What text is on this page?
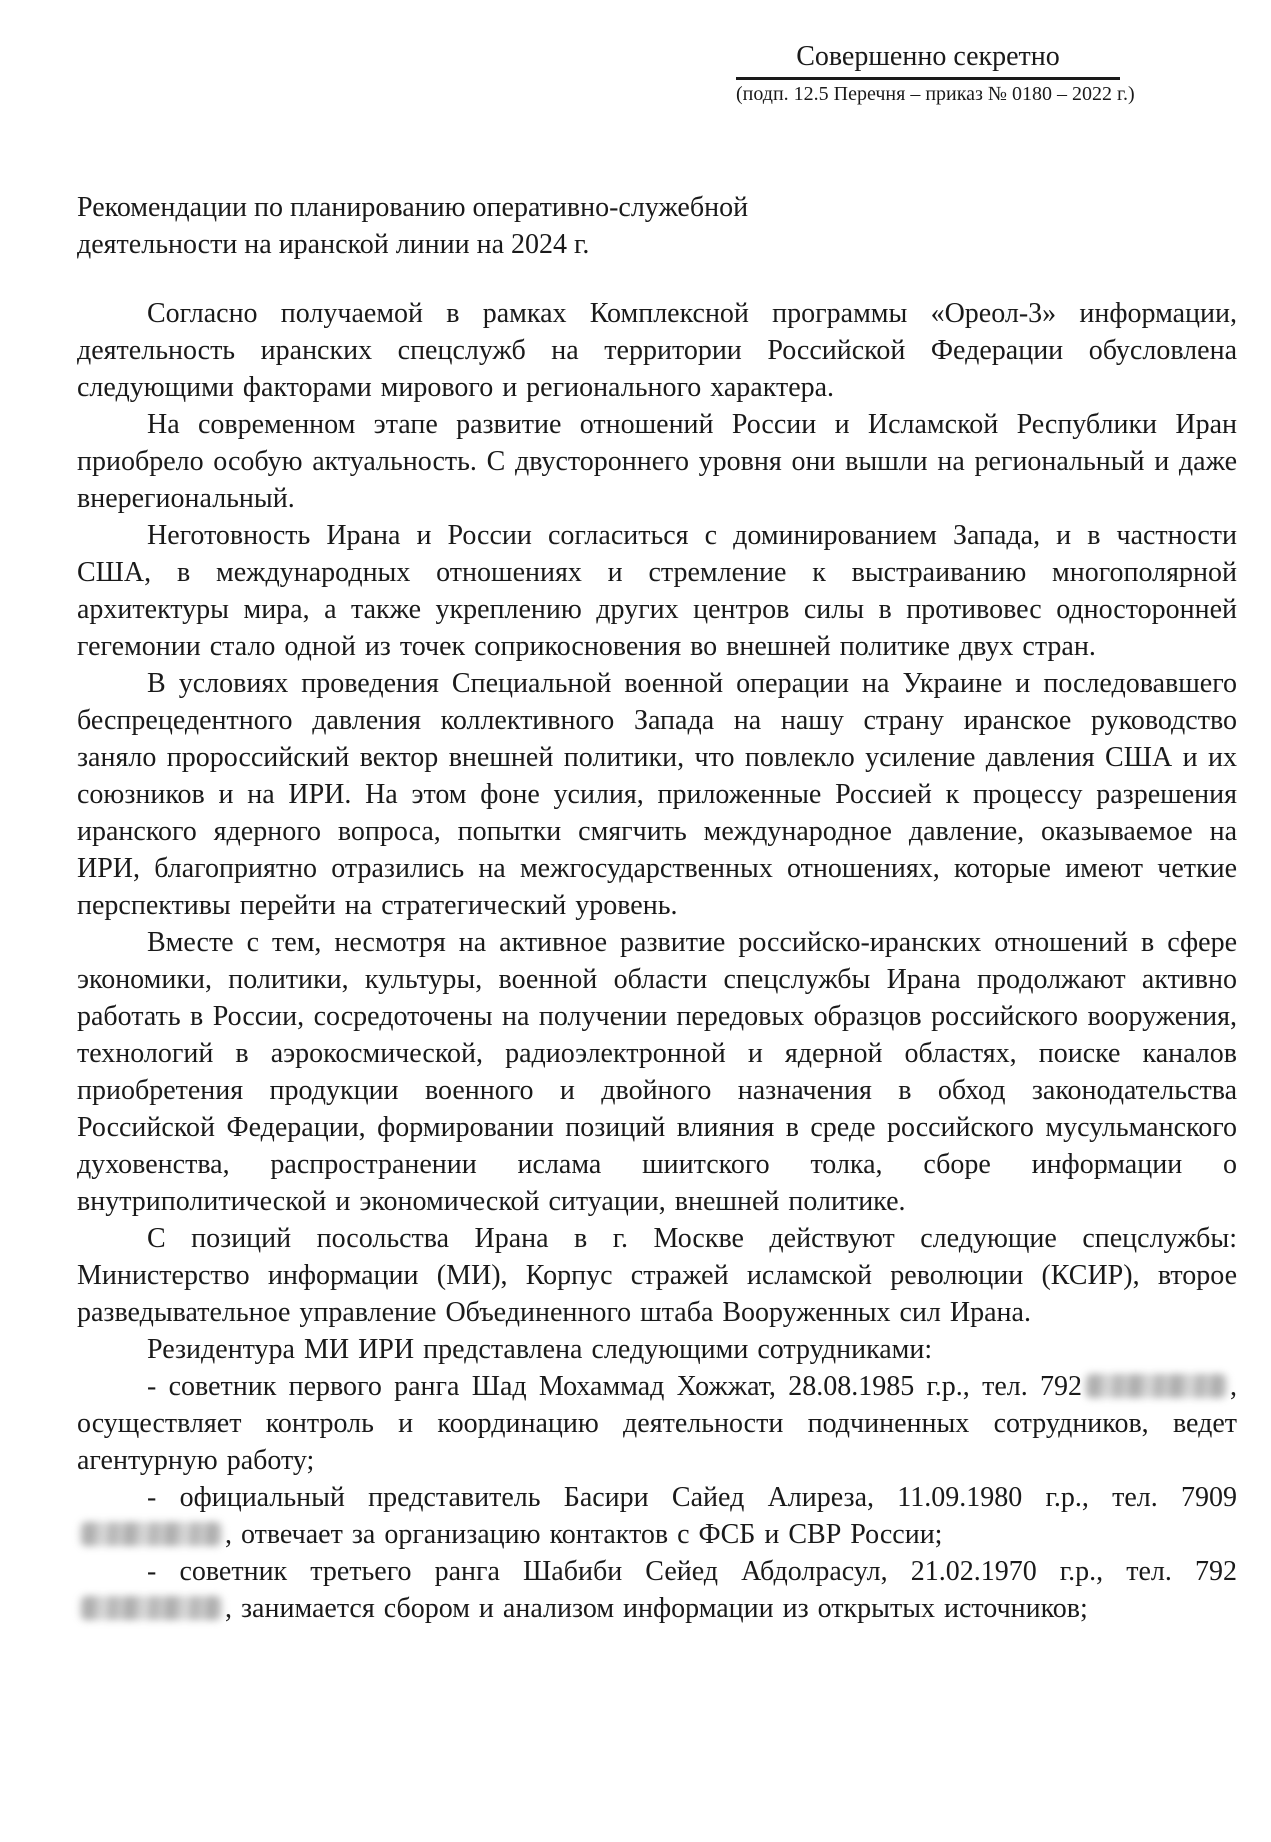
Совершенно секретно
(подп. 12.5 Перечня – приказ № 0180 – 2022 г.)
Рекомендации по планированию оперативно-служебной
деятельности на иранской линии на 2024 г.

Согласно получаемой в рамках Комплексной программы «Ореол-3» информации, деятельность иранских спецслужб на территории Российской Федерации обусловлена следующими факторами мирового и регионального характера.

На современном этапе развитие отношений России и Исламской Республики Иран приобрело особую актуальность. С двустороннего уровня они вышли на региональный и даже внерегиональный.

Неготовность Ирана и России согласиться с доминированием Запада, и в частности США, в международных отношениях и стремление к выстраиванию многополярной архитектуры мира, а также укреплению других центров силы в противовес односторонней гегемонии стало одной из точек соприкосновения во внешней политике двух стран.

В условиях проведения Специальной военной операции на Украине и последовавшего беспрецедентного давления коллективного Запада на нашу страну иранское руководство заняло пророссийский вектор внешней политики, что повлекло усиление давления США и их союзников и на ИРИ. На этом фоне усилия, приложенные Россией к процессу разрешения иранского ядерного вопроса, попытки смягчить международное давление, оказываемое на ИРИ, благоприятно отразились на межгосударственных отношениях, которые имеют четкие перспективы перейти на стратегический уровень.

Вместе с тем, несмотря на активное развитие российско-иранских отношений в сфере экономики, политики, культуры, военной области спецслужбы Ирана продолжают активно работать в России, сосредоточены на получении передовых образцов российского вооружения, технологий в аэрокосмической, радиоэлектронной и ядерной областях, поиске каналов приобретения продукции военного и двойного назначения в обход законодательства Российской Федерации, формировании позиций влияния в среде российского мусульманского духовенства, распространении ислама шиитского толка, сборе информации о внутриполитической и экономической ситуации, внешней политике.

С позиций посольства Ирана в г. Москве действуют следующие спецслужбы: Министерство информации (МИ), Корпус стражей исламской революции (КСИР), второе разведывательное управление Объединенного штаба Вооруженных сил Ирана.

Резидентура МИ ИРИ представлена следующими сотрудниками:

- советник первого ранга Шад Мохаммад Хожжат, 28.08.1985 г.р., тел. 792	, осуществляет контроль и координацию деятельности подчиненных сотрудников, ведет агентурную работу;

- официальный представитель Басири Сайед Алиреза, 11.09.1980 г.р., тел. 7909, отвечает за организацию контактов с ФСБ и СВР России;

- советник третьего ранга Шабиби Сейед Абдолрасул, 21.02.1970 г.р., тел. 792, занимается сбором и анализом информации из открытых источников;
